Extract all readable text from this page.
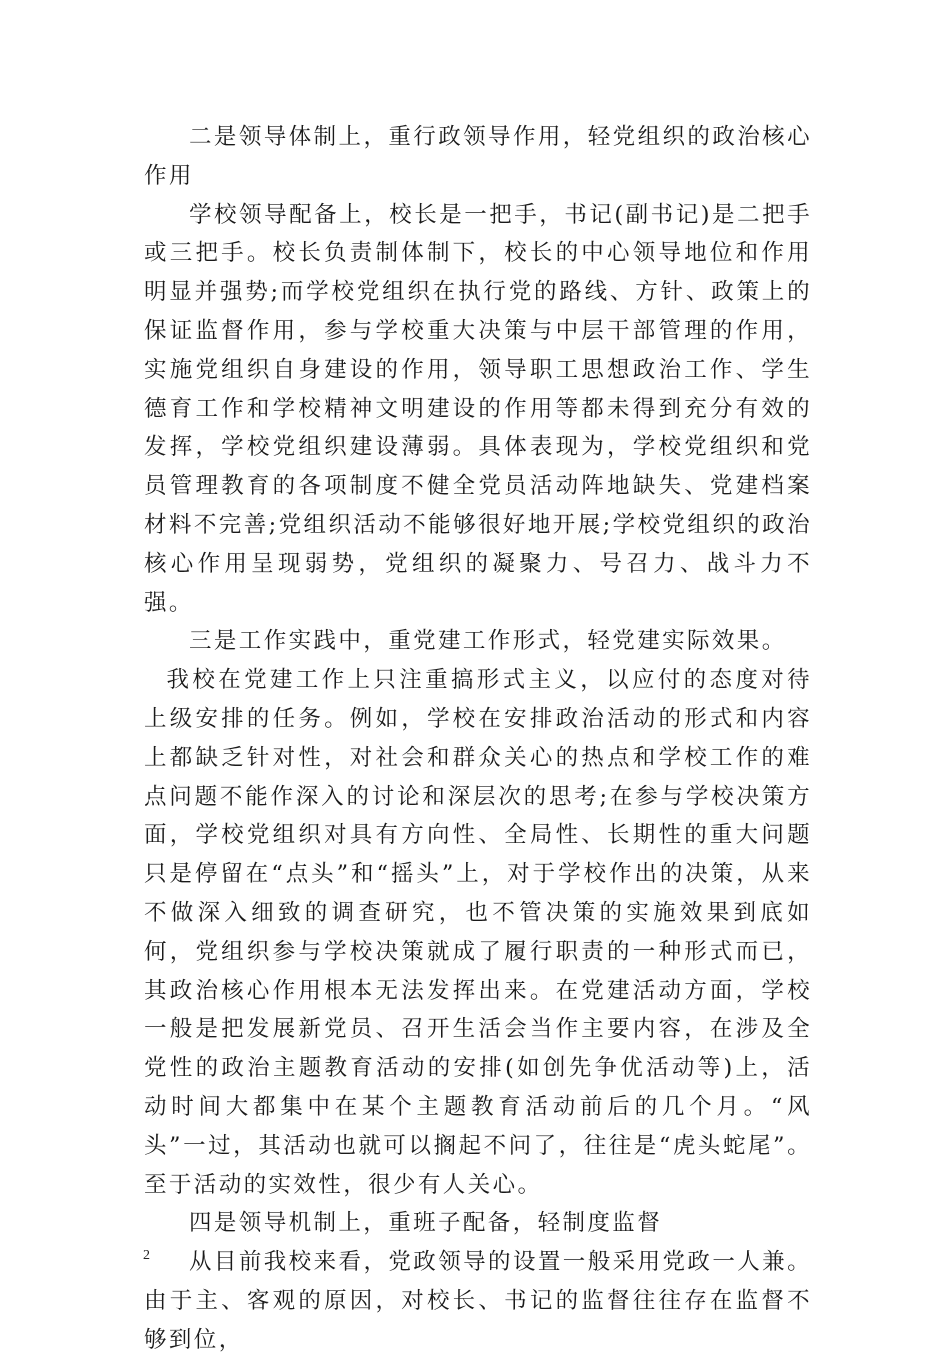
二是领导体制上，重行政领导作用，轻党组织的政治核心作用

学校领导配备上，校长是一把手，书记(副书记)是二把手或三把手。校长负责制体制下，校长的中心领导地位和作用明显并强势;而学校党组织在执行党的路线、方针、政策上的保证监督作用，参与学校重大决策与中层干部管理的作用，实施党组织自身建设的作用，领导职工思想政治工作、学生德育工作和学校精神文明建设的作用等都未得到充分有效的发挥，学校党组织建设薄弱。具体表现为，学校党组织和党员管理教育的各项制度不健全党员活动阵地缺失、党建档案材料不完善;党组织活动不能够很好地开展;学校党组织的政治核心作用呈现弱势，党组织的凝聚力、号召力、战斗力不强。

三是工作实践中，重党建工作形式，轻党建实际效果。

我校在党建工作上只注重搞形式主义，以应付的态度对待上级安排的任务。例如，学校在安排政治活动的形式和内容上都缺乏针对性，对社会和群众关心的热点和学校工作的难点问题不能作深入的讨论和深层次的思考;在参与学校决策方面，学校党组织对具有方向性、全局性、长期性的重大问题只是停留在“点头”和“摇头”上，对于学校作出的决策，从来不做深入细致的调查研究，也不管决策的实施效果到底如何，党组织参与学校决策就成了履行职责的一种形式而已，其政治核心作用根本无法发挥出来。在党建活动方面，学校一般是把发展新党员、召开生活会当作主要内容，在涉及全党性的政治主题教育活动的安排(如创先争优活动等)上，活动时间大都集中在某个主题教育活动前后的几个月。“风头”一过，其活动也就可以搁起不问了，往往是“虎头蛇尾”。至于活动的实效性，很少有人关心。

四是领导机制上，重班子配备，轻制度监督

从目前我校来看，党政领导的设置一般采用党政一人兼。由于主、客观的原因，对校长、书记的监督往往存在监督不够到位，

2
